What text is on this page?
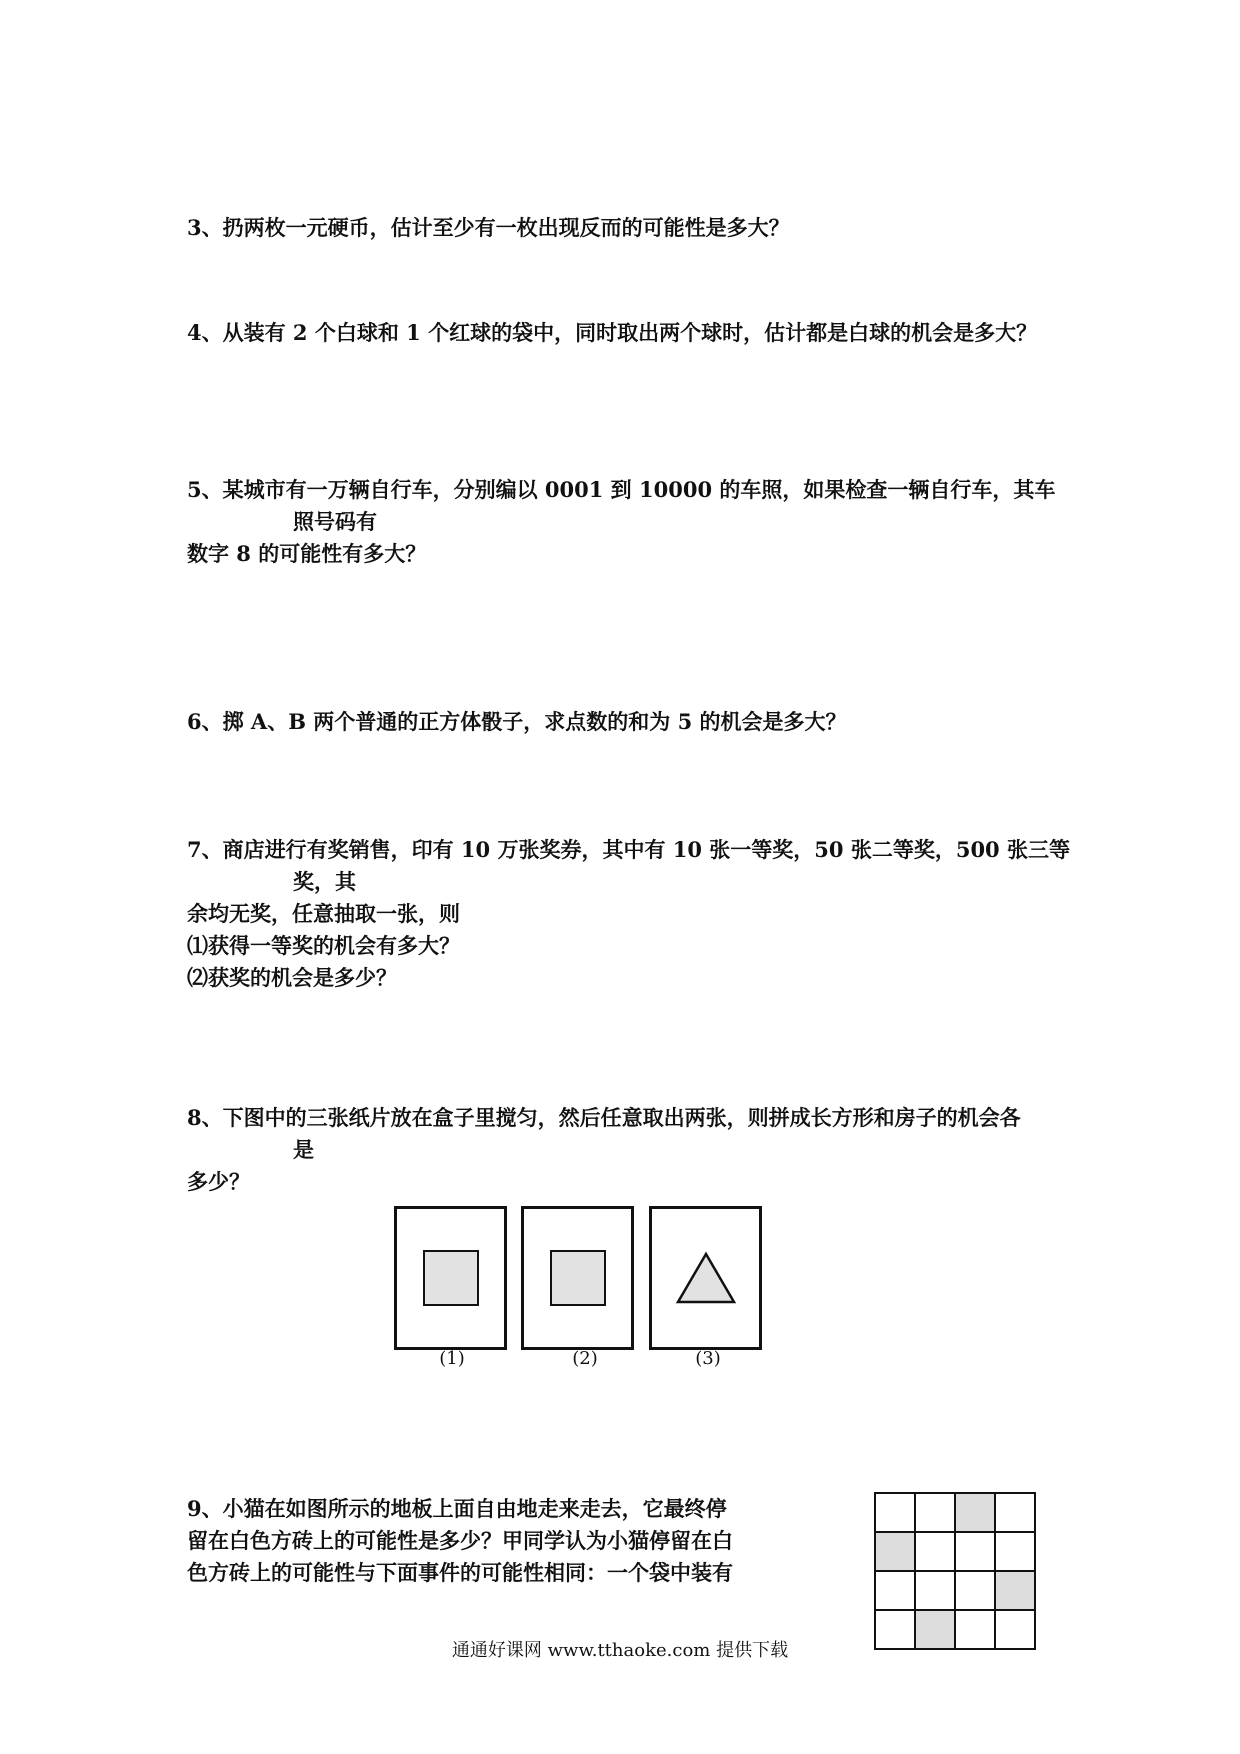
3、扔两枚一元硬币，估计至少有一枚出现反而的可能性是多大？
4、从装有 2 个白球和 1 个红球的袋中，同时取出两个球时，估计都是白球的机会是多大？
5、某城市有一万辆自行车，分别编以 0001 到 10000 的车照，如果检查一辆自行车，其车
照号码有
数字 8 的可能性有多大？
6、掷 A、B 两个普通的正方体骰子，求点数的和为 5 的机会是多大？
7、商店进行有奖销售，印有 10 万张奖券，其中有 10 张一等奖，50 张二等奖，500 张三等
奖，其
余均无奖，任意抽取一张，则
⑴获得一等奖的机会有多大？
⑵获奖的机会是多少？
8、下图中的三张纸片放在盒子里搅匀，然后任意取出两张，则拼成长方形和房子的机会各
是
多少？
(1)	(2)	(3)
9、小猫在如图所示的地板上面自由地走来走去，它最终停
留在白色方砖上的可能性是多少？甲同学认为小猫停留在白
色方砖上的可能性与下面事件的可能性相同：一个袋中装有

通通好课网 www.tthaoke.com 提供下载
